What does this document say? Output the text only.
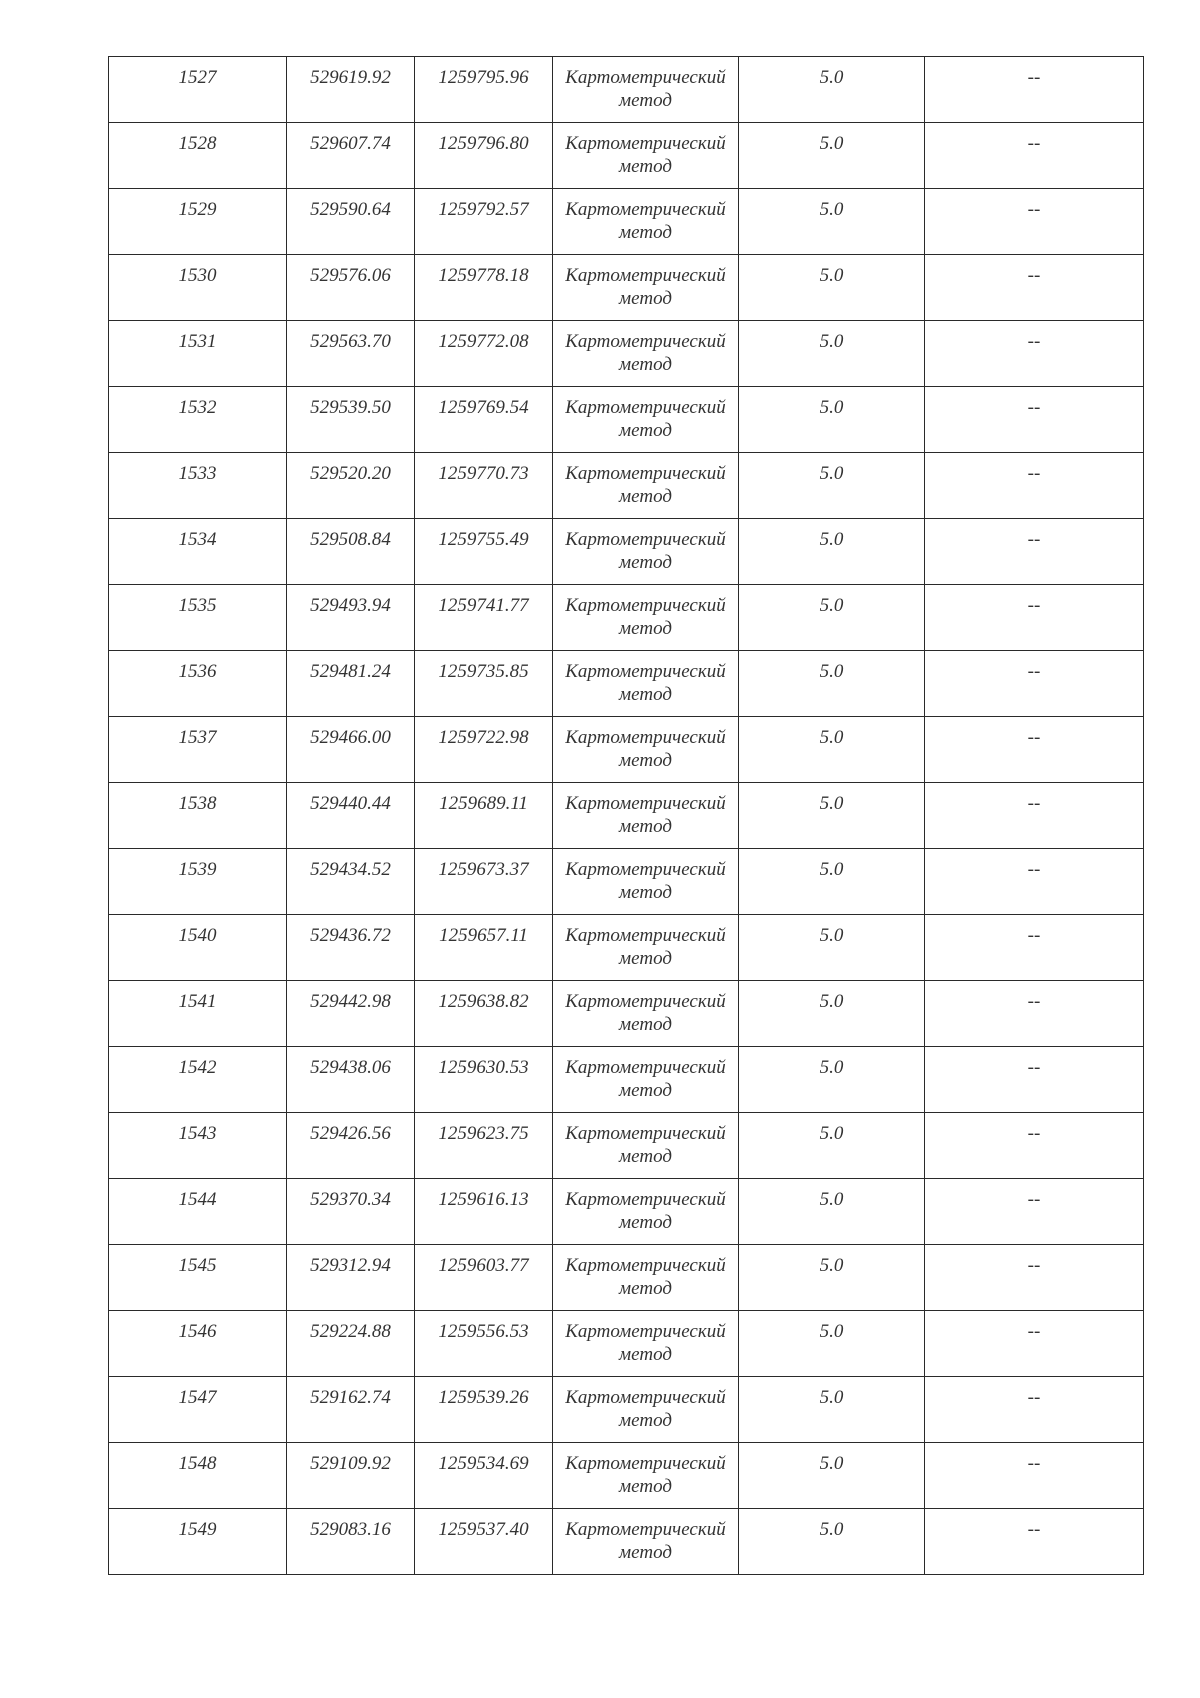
1527	529619.92	1259795.96	Картометрический
метод	5.0	--
1528	529607.74	1259796.80	Картометрический
метод	5.0	--
1529	529590.64	1259792.57	Картометрический
метод	5.0	--
1530	529576.06	1259778.18	Картометрический
метод	5.0	--
1531	529563.70	1259772.08	Картометрический
метод	5.0	--
1532	529539.50	1259769.54	Картометрический
метод	5.0	--
1533	529520.20	1259770.73	Картометрический
метод	5.0	--
1534	529508.84	1259755.49	Картометрический
метод	5.0	--
1535	529493.94	1259741.77	Картометрический
метод	5.0	--
1536	529481.24	1259735.85	Картометрический
метод	5.0	--
1537	529466.00	1259722.98	Картометрический
метод	5.0	--
1538	529440.44	1259689.11	Картометрический
метод	5.0	--
1539	529434.52	1259673.37	Картометрический
метод	5.0	--
1540	529436.72	1259657.11	Картометрический
метод	5.0	--
1541	529442.98	1259638.82	Картометрический
метод	5.0	--
1542	529438.06	1259630.53	Картометрический
метод	5.0	--
1543	529426.56	1259623.75	Картометрический
метод	5.0	--
1544	529370.34	1259616.13	Картометрический
метод	5.0	--
1545	529312.94	1259603.77	Картометрический
метод	5.0	--
1546	529224.88	1259556.53	Картометрический
метод	5.0	--
1547	529162.74	1259539.26	Картометрический
метод	5.0	--
1548	529109.92	1259534.69	Картометрический
метод	5.0	--
1549	529083.16	1259537.40	Картометрический
метод	5.0	--
